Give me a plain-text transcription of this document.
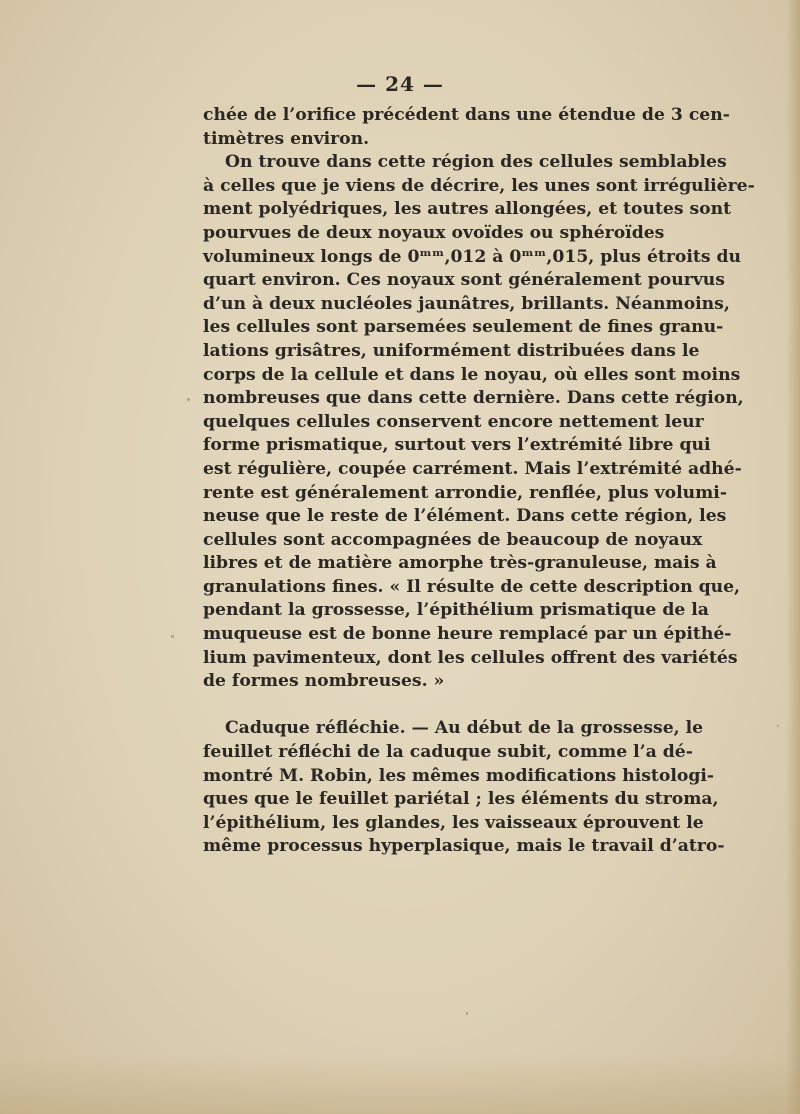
— 24 —
chée de l’orifice précédent dans une étendue de 3 cen-
timètres environ.
On trouve dans cette région des cellules semblables
à celles que je viens de décrire, les unes sont irrégulière-
ment polyédriques, les autres allongées, et toutes sont
pourvues de deux noyaux ovoïdes ou sphéroïdes
volumineux longs de 0ᵐᵐ,012 à 0ᵐᵐ,015, plus étroits du
quart environ. Ces noyaux sont généralement pourvus
d’un à deux nucléoles jaunâtres, brillants. Néanmoins,
les cellules sont parsemées seulement de fines granu-
lations grisâtres, uniformément distribuées dans le
corps de la cellule et dans le noyau, où elles sont moins
nombreuses que dans cette dernière. Dans cette région,
quelques cellules conservent encore nettement leur
forme prismatique, surtout vers l’extrémité libre qui
est régulière, coupée carrément. Mais l’extrémité adhé-
rente est généralement arrondie, renflée, plus volumi-
neuse que le reste de l’élément. Dans cette région, les
cellules sont accompagnées de beaucoup de noyaux
libres et de matière amorphe très-granuleuse, mais à
granulations fines. « Il résulte de cette description que,
pendant la grossesse, l’épithélium prismatique de la
muqueuse est de bonne heure remplacé par un épithé-
lium pavimenteux, dont les cellules offrent des variétés
de formes nombreuses. »
Caduque réfléchie. — Au début de la grossesse, le
feuillet réfléchi de la caduque subit, comme l’a dé-
montré M. Robin, les mêmes modifications histologi-
ques que le feuillet pariétal ; les éléments du stroma,
l’épithélium, les glandes, les vaisseaux éprouvent le
même processus hyperplasique, mais le travail d’atro-
